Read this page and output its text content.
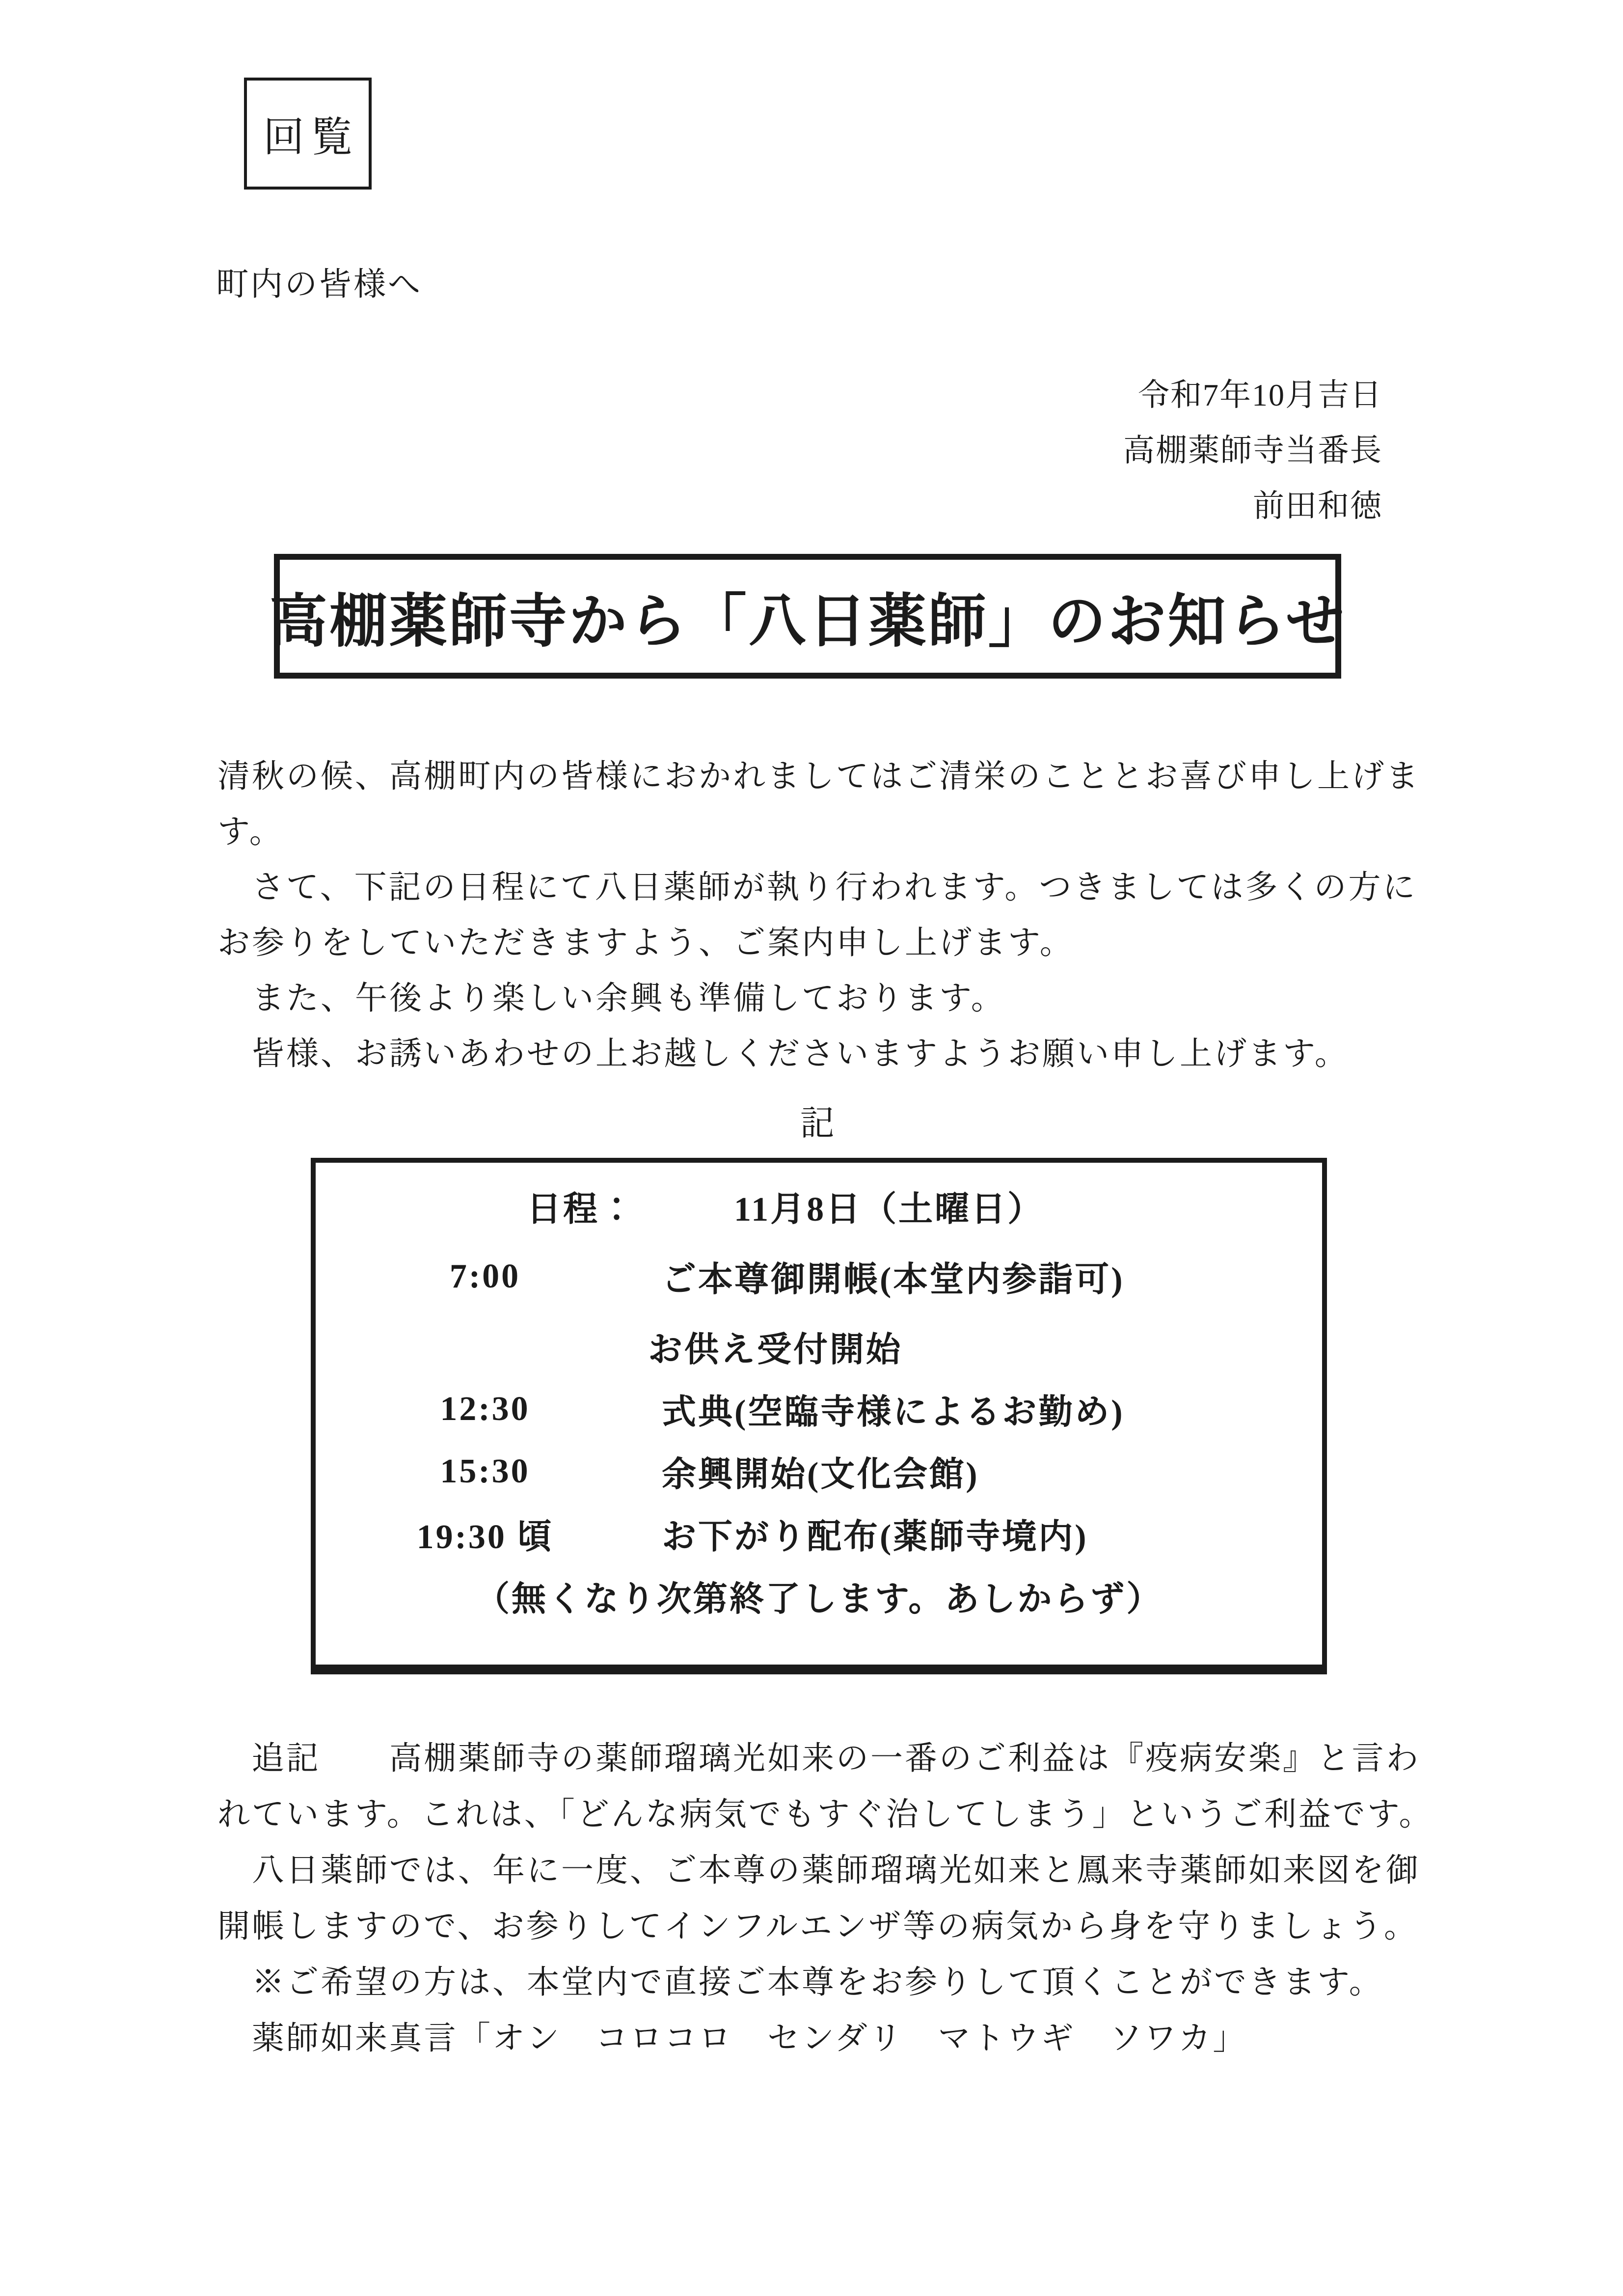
回覧
町内の皆様へ
令和7年10月吉日
高棚薬師寺当番長
前田和徳
高棚薬師寺から「八日薬師」のお知らせ
清秋の候、高棚町内の皆様におかれましてはご清栄のこととお喜び申し上げま
す。
　さて、下記の日程にて八日薬師が執り行われます。つきましては多くの方に
お参りをしていただきますよう、ご案内申し上げます。
　また、午後より楽しい余興も準備しております。
　皆様、お誘いあわせの上お越しくださいますようお願い申し上げます。
記
日程：	11月8日（土曜日）
7:00	ご本尊御開帳(本堂内参詣可)
お供え受付開始
12:30	式典(空臨寺様によるお勤め)
15:30	余興開始(文化会館)
19:30 頃	お下がり配布(薬師寺境内)
（無くなり次第終了します。あしからず）
　追記　　高棚薬師寺の薬師瑠璃光如来の一番のご利益は『疫病安楽』と言わ
れています。これは、「どんな病気でもすぐ治してしまう」というご利益です。
　八日薬師では、年に一度、ご本尊の薬師瑠璃光如来と鳳来寺薬師如来図を御
開帳しますので、お参りしてインフルエンザ等の病気から身を守りましょう。
　※ご希望の方は、本堂内で直接ご本尊をお参りして頂くことができます。
　薬師如来真言「オン　コロコロ　センダリ　マトウギ　ソワカ」
